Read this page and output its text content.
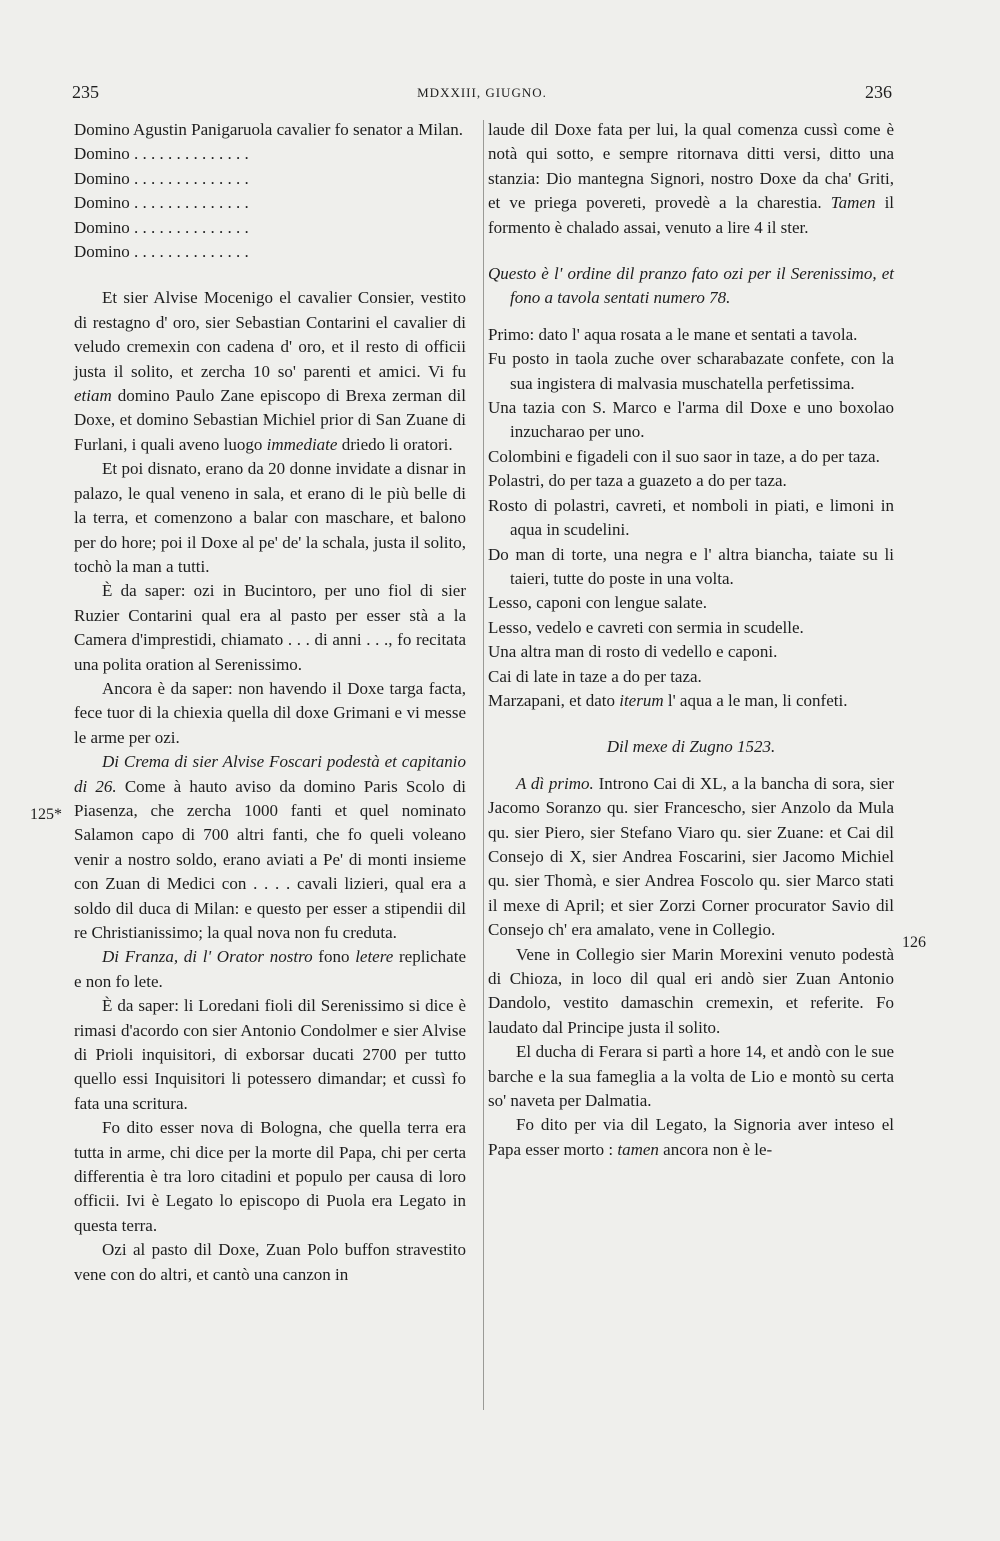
235	MDXXIII, GIUGNO.	236
125*
126

Domino Agustin Panigaruola cavalier fo senator a Milan.

Domino . . . . . . . . . . . . . .

Domino . . . . . . . . . . . . . .

Domino . . . . . . . . . . . . . .

Domino . . . . . . . . . . . . . .

Domino . . . . . . . . . . . . . .

Et sier Alvise Mocenigo el cavalier Consier, vestito di restagno d' oro, sier Sebastian Contarini el cavalier di veludo cremexin con cadena d' oro, et il resto di officii justa il solito, et zercha 10 so' parenti et amici. Vi fu etiam domino Paulo Zane episcopo di Brexa zerman dil Doxe, et domino Sebastian Michiel prior di San Zuane di Furlani, i quali aveno luogo immediate driedo li oratori.

Et poi disnato, erano da 20 donne invidate a disnar in palazo, le qual veneno in sala, et erano di le più belle di la terra, et comenzono a balar con maschare, et balono per do hore; poi il Doxe al pe' de' la schala, justa il solito, tochò la man a tutti.

È da saper: ozi in Bucintoro, per uno fiol di sier Ruzier Contarini qual era al pasto per esser stà a la Camera d'imprestidi, chiamato . . . di anni . . ., fo recitata una polita oration al Serenissimo.

Ancora è da saper: non havendo il Doxe targa facta, fece tuor di la chiexia quella dil doxe Grimani e vi messe le arme per ozi.

Di Crema di sier Alvise Foscari podestà et capitanio di 26. Come à hauto aviso da domino Paris Scolo di Piasenza, che zercha 1000 fanti et quel nominato Salamon capo di 700 altri fanti, che fo queli voleano venir a nostro soldo, erano aviati a Pe' di monti insieme con Zuan di Medici con . . . . cavali lizieri, qual era a soldo dil duca di Milan: e questo per esser a stipendii dil re Christianissimo; la qual nova non fu creduta.

Di Franza, di l' Orator nostro fono letere replichate e non fo lete.

È da saper: li Loredani fioli dil Serenissimo si dice è rimasi d'acordo con sier Antonio Condolmer e sier Alvise di Prioli inquisitori, di exborsar ducati 2700 per tutto quello essi Inquisitori li potessero dimandar; et cussì fo fata una scritura.

Fo dito esser nova di Bologna, che quella terra era tutta in arme, chi dice per la morte dil Papa, chi per certa differentia è tra loro citadini et populo per causa di loro officii. Ivi è Legato lo episcopo di Puola era Legato in questa terra.

Ozi al pasto dil Doxe, Zuan Polo buffon stravestito vene con do altri, et cantò una canzon in

laude dil Doxe fata per lui, la qual comenza cussì come è notà qui sotto, e sempre ritornava ditti versi, ditto una stanzia: Dio mantegna Signori, nostro Doxe da cha' Griti, et ve priega povereti, provedè a la charestia. Tamen il formento è chalado assai, venuto a lire 4 il ster.

Questo è l' ordine dil pranzo fato ozi per il Serenissimo, et fono a tavola sentati numero 78.

Primo: dato l' aqua rosata a le mane et sentati a tavola.

Fu posto in taola zuche over scharabazate confete, con la sua ingistera di malvasia muschatella perfetissima.

Una tazia con S. Marco e l'arma dil Doxe e uno boxolao inzucharao per uno.

Colombini e figadeli con il suo saor in taze, a do per taza.

Polastri, do per taza a guazeto a do per taza.

Rosto di polastri, cavreti, et nomboli in piati, e limoni in aqua in scudelini.

Do man di torte, una negra e l' altra biancha, taiate su li taieri, tutte do poste in una volta.

Lesso, caponi con lengue salate.

Lesso, vedelo e cavreti con sermia in scudelle.

Una altra man di rosto di vedello e caponi.

Cai di late in taze a do per taza.

Marzapani, et dato iterum l' aqua a le man, li confeti.

Dil mexe di Zugno 1523.

A dì primo. Introno Cai di XL, a la bancha di sora, sier Jacomo Soranzo qu. sier Francescho, sier Anzolo da Mula qu. sier Piero, sier Stefano Viaro qu. sier Zuane: et Cai dil Consejo di X, sier Andrea Foscarini, sier Jacomo Michiel qu. sier Thomà, e sier Andrea Foscolo qu. sier Marco stati il mexe di April; et sier Zorzi Corner procurator Savio dil Consejo ch' era amalato, vene in Collegio.

Vene in Collegio sier Marin Morexini venuto podestà di Chioza, in loco dil qual eri andò sier Zuan Antonio Dandolo, vestito damaschin cremexin, et referite. Fo laudato dal Principe justa il solito.

El ducha di Ferara si partì a hore 14, et andò con le sue barche e la sua fameglia a la volta de Lio e montò su certa so' naveta per Dalmatia.

Fo dito per via dil Legato, la Signoria aver inteso el Papa esser morto : tamen ancora non è le-
